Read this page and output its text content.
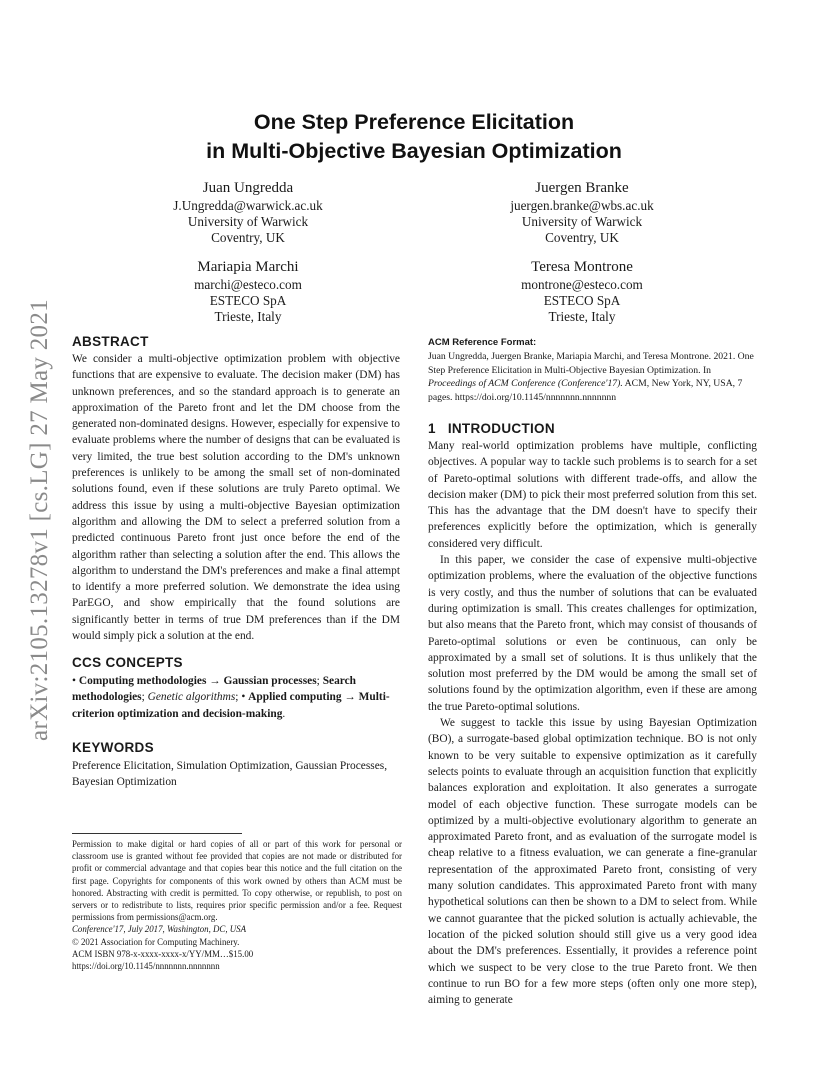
arXiv:2105.13278v1 [cs.LG] 27 May 2021
One Step Preference Elicitation
in Multi-Objective Bayesian Optimization
Juan Ungredda
J.Ungredda@warwick.ac.uk
University of Warwick
Coventry, UK
Juergen Branke
juergen.branke@wbs.ac.uk
University of Warwick
Coventry, UK
Mariapia Marchi
marchi@esteco.com
ESTECO SpA
Trieste, Italy
Teresa Montrone
montrone@esteco.com
ESTECO SpA
Trieste, Italy
ABSTRACT

We consider a multi-objective optimization problem with objective functions that are expensive to evaluate. The decision maker (DM) has unknown preferences, and so the standard approach is to generate an approximation of the Pareto front and let the DM choose from the generated non-dominated designs. However, especially for expensive to evaluate problems where the number of designs that can be evaluated is very limited, the true best solution according to the DM's unknown preferences is unlikely to be among the small set of non-dominated solutions found, even if these solutions are truly Pareto optimal. We address this issue by using a multi-objective Bayesian optimization algorithm and allowing the DM to select a preferred solution from a predicted continuous Pareto front just once before the end of the algorithm rather than selecting a solution after the end. This allows the algorithm to understand the DM's preferences and make a final attempt to identify a more preferred solution. We demonstrate the idea using ParEGO, and show empirically that the found solutions are significantly better in terms of true DM preferences than if the DM would simply pick a solution at the end.

CCS CONCEPTS

• Computing methodologies → Gaussian processes; Search methodologies; Genetic algorithms; • Applied computing → Multi-criterion optimization and decision-making.

KEYWORDS

Preference Elicitation, Simulation Optimization, Gaussian Processes, Bayesian Optimization

Permission to make digital or hard copies of all or part of this work for personal or classroom use is granted without fee provided that copies are not made or distributed for profit or commercial advantage and that copies bear this notice and the full citation on the first page. Copyrights for components of this work owned by others than ACM must be honored. Abstracting with credit is permitted. To copy otherwise, or republish, to post on servers or to redistribute to lists, requires prior specific permission and/or a fee. Request permissions from permissions@acm.org.

Conference'17, July 2017, Washington, DC, USA

© 2021 Association for Computing Machinery.

ACM ISBN 978-x-xxxx-xxxx-x/YY/MM…$15.00

https://doi.org/10.1145/nnnnnnn.nnnnnnn

ACM Reference Format:

Juan Ungredda, Juergen Branke, Mariapia Marchi, and Teresa Montrone. 2021. One Step Preference Elicitation in Multi-Objective Bayesian Optimization. In Proceedings of ACM Conference (Conference'17). ACM, New York, NY, USA, 7 pages. https://doi.org/10.1145/nnnnnnn.nnnnnnn

1 INTRODUCTION

Many real-world optimization problems have multiple, conflicting objectives. A popular way to tackle such problems is to search for a set of Pareto-optimal solutions with different trade-offs, and allow the decision maker (DM) to pick their most preferred solution from this set. This has the advantage that the DM doesn't have to specify their preferences explicitly before the optimization, which is generally considered very difficult.

In this paper, we consider the case of expensive multi-objective optimization problems, where the evaluation of the objective functions is very costly, and thus the number of solutions that can be evaluated during optimization is small. This creates challenges for optimization, but also means that the Pareto front, which may consist of thousands of Pareto-optimal solutions or even be continuous, can only be approximated by a small set of solutions. It is thus unlikely that the solution most preferred by the DM would be among the small set of solutions found by the optimization algorithm, even if these are among the true Pareto-optimal solutions.

We suggest to tackle this issue by using Bayesian Optimization (BO), a surrogate-based global optimization technique. BO is not only known to be very suitable to expensive optimization as it carefully selects points to evaluate through an acquisition function that explicitly balances exploration and exploitation. It also generates a surrogate model of each objective function. These surrogate models can be optimized by a multi-objective evolutionary algorithm to generate an approximated Pareto front, and as evaluation of the surrogate model is cheap relative to a fitness evaluation, we can generate a fine-granular representation of the approximated Pareto front, consisting of very many solution candidates. This approximated Pareto front with many hypothetical solutions can then be shown to a DM to select from. While we cannot guarantee that the picked solution is actually achievable, the location of the picked solution should still give us a very good idea about the DM's preferences. Essentially, it provides a reference point which we suspect to be very close to the true Pareto front. We then continue to run BO for a few more steps (often only one more step), aiming to generate
